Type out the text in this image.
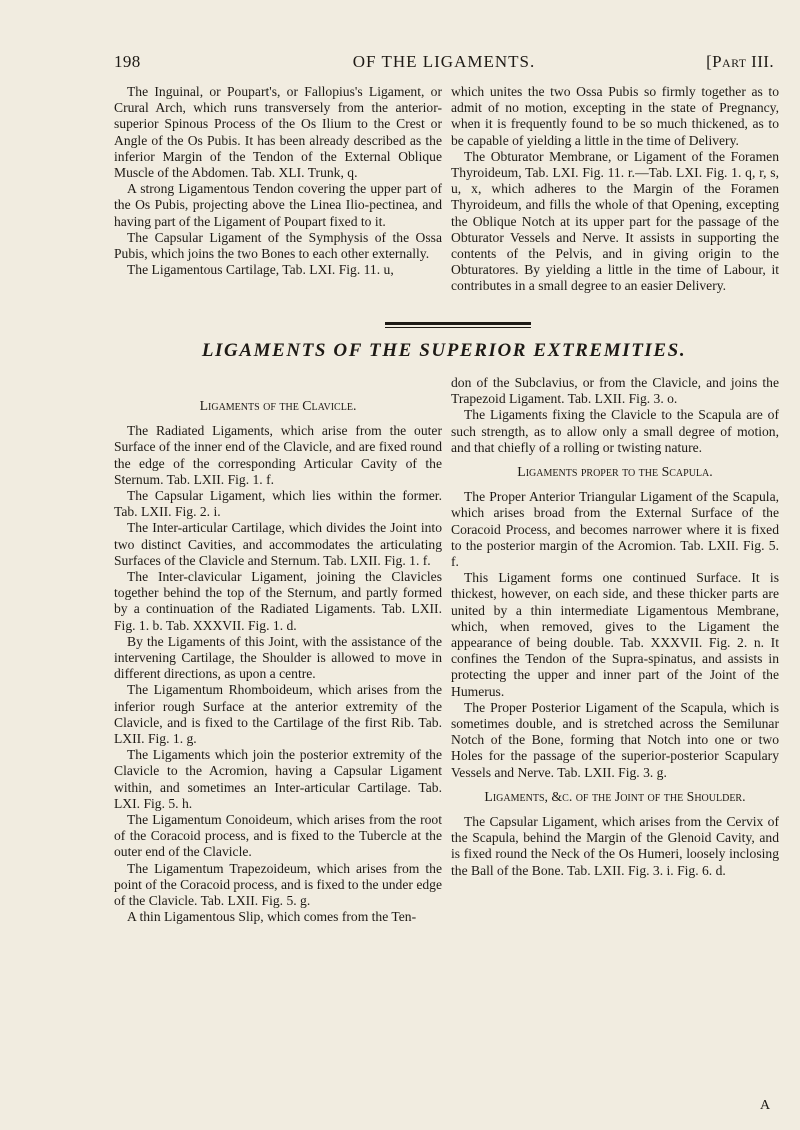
198	OF THE LIGAMENTS.	[Part III.

The Inguinal, or Poupart's, or Fallopius's Ligament, or Crural Arch, which runs transversely from the anterior-superior Spinous Process of the Os Ilium to the Crest or Angle of the Os Pubis. It has been already described as the inferior Margin of the Tendon of the External Oblique Muscle of the Abdomen. Tab. XLI. Trunk, q.

A strong Ligamentous Tendon covering the upper part of the Os Pubis, projecting above the Linea Ilio-pectinea, and having part of the Ligament of Poupart fixed to it.

The Capsular Ligament of the Symphysis of the Ossa Pubis, which joins the two Bones to each other externally.

The Ligamentous Cartilage, Tab. LXI. Fig. 11. u,

which unites the two Ossa Pubis so firmly together as to admit of no motion, excepting in the state of Pregnancy, when it is frequently found to be so much thickened, as to be capable of yielding a little in the time of Delivery.

The Obturator Membrane, or Ligament of the Foramen Thyroideum, Tab. LXI. Fig. 11. r.—Tab. LXI. Fig. 1. q, r, s, u, x, which adheres to the Margin of the Foramen Thyroideum, and fills the whole of that Opening, excepting the Oblique Notch at its upper part for the passage of the Obturator Vessels and Nerve. It assists in supporting the contents of the Pelvis, and in giving origin to the Obturatores. By yielding a little in the time of Labour, it contributes in a small degree to an easier Delivery.

LIGAMENTS OF THE SUPERIOR EXTREMITIES.

Ligaments of the Clavicle.

The Radiated Ligaments, which arise from the outer Surface of the inner end of the Clavicle, and are fixed round the edge of the corresponding Articular Cavity of the Sternum. Tab. LXII. Fig. 1. f.

The Capsular Ligament, which lies within the former. Tab. LXII. Fig. 2. i.

The Inter-articular Cartilage, which divides the Joint into two distinct Cavities, and accommodates the articulating Surfaces of the Clavicle and Sternum. Tab. LXII. Fig. 1. f.

The Inter-clavicular Ligament, joining the Clavicles together behind the top of the Sternum, and partly formed by a continuation of the Radiated Ligaments. Tab. LXII. Fig. 1. b. Tab. XXXVII. Fig. 1. d.

By the Ligaments of this Joint, with the assistance of the intervening Cartilage, the Shoulder is allowed to move in different directions, as upon a centre.

The Ligamentum Rhomboideum, which arises from the inferior rough Surface at the anterior extremity of the Clavicle, and is fixed to the Cartilage of the first Rib. Tab. LXII. Fig. 1. g.

The Ligaments which join the posterior extremity of the Clavicle to the Acromion, having a Capsular Ligament within, and sometimes an Inter-articular Cartilage. Tab. LXI. Fig. 5. h.

The Ligamentum Conoideum, which arises from the root of the Coracoid process, and is fixed to the Tubercle at the outer end of the Clavicle.

The Ligamentum Trapezoideum, which arises from the point of the Coracoid process, and is fixed to the under edge of the Clavicle. Tab. LXII. Fig. 5. g.

A thin Ligamentous Slip, which comes from the Ten-

don of the Subclavius, or from the Clavicle, and joins the Trapezoid Ligament. Tab. LXII. Fig. 3. o.

The Ligaments fixing the Clavicle to the Scapula are of such strength, as to allow only a small degree of motion, and that chiefly of a rolling or twisting nature.

Ligaments proper to the Scapula.

The Proper Anterior Triangular Ligament of the Scapula, which arises broad from the External Surface of the Coracoid Process, and becomes narrower where it is fixed to the posterior margin of the Acromion. Tab. LXII. Fig. 5. f.

This Ligament forms one continued Surface. It is thickest, however, on each side, and these thicker parts are united by a thin intermediate Ligamentous Membrane, which, when removed, gives to the Ligament the appearance of being double. Tab. XXXVII. Fig. 2. n. It confines the Tendon of the Supra-spinatus, and assists in protecting the upper and inner part of the Joint of the Humerus.

The Proper Posterior Ligament of the Scapula, which is sometimes double, and is stretched across the Semilunar Notch of the Bone, forming that Notch into one or two Holes for the passage of the superior-posterior Scapulary Vessels and Nerve. Tab. LXII. Fig. 3. g.

Ligaments, &c. of the Joint of the Shoulder.

The Capsular Ligament, which arises from the Cervix of the Scapula, behind the Margin of the Glenoid Cavity, and is fixed round the Neck of the Os Humeri, loosely inclosing the Ball of the Bone. Tab. LXII. Fig. 3. i. Fig. 6. d.

A
